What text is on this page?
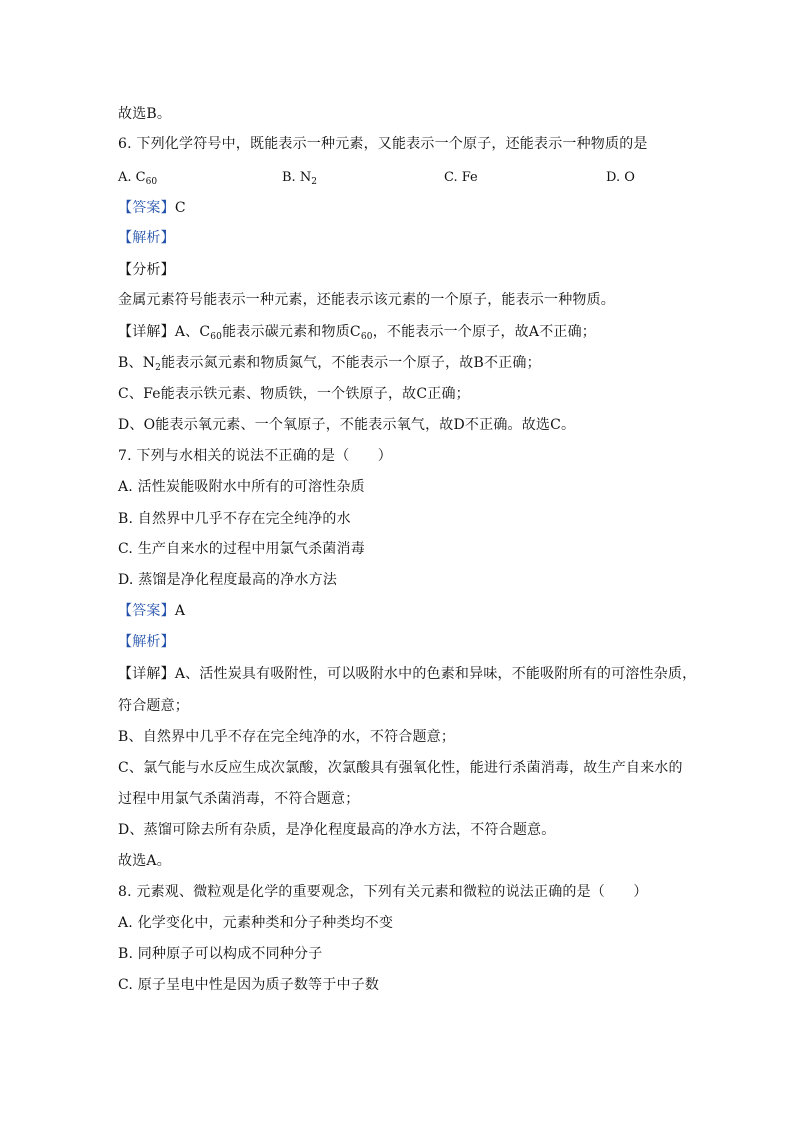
故选B。
6. 下列化学符号中，既能表示一种元素，又能表示一个原子，还能表示一种物质的是
A. $C_{60}$	B. $N_2$	C. Fe	D. O
【答案】C
【解析】
【分析】
金属元素符号能表示一种元素，还能表示该元素的一个原子，能表示一种物质。
【详解】A、$C_{60}$能表示碳元素和物质$C_{60}$，不能表示一个原子，故A不正确；
B、$N_2$能表示氮元素和物质氮气，不能表示一个原子，故B不正确；
C、Fe能表示铁元素、物质铁，一个铁原子，故C正确；
D、O能表示氧元素、一个氧原子，不能表示氧气，故D不正确。故选C。
7. 下列与水相关的说法不正确的是（　　）
A. 活性炭能吸附水中所有的可溶性杂质
B. 自然界中几乎不存在完全纯净的水
C. 生产自来水的过程中用氯气杀菌消毒
D. 蒸馏是净化程度最高的净水方法
【答案】A
【解析】
【详解】A、活性炭具有吸附性，可以吸附水中的色素和异味，不能吸附所有的可溶性杂质，
符合题意；
B、自然界中几乎不存在完全纯净的水，不符合题意；
C、氯气能与水反应生成次氯酸，次氯酸具有强氧化性，能进行杀菌消毒，故生产自来水的
过程中用氯气杀菌消毒，不符合题意；
D、蒸馏可除去所有杂质，是净化程度最高的净水方法，不符合题意。
故选A。
8. 元素观、微粒观是化学的重要观念，下列有关元素和微粒的说法正确的是（　　）
A. 化学变化中，元素种类和分子种类均不变
B. 同种原子可以构成不同种分子
C. 原子呈电中性是因为质子数等于中子数
